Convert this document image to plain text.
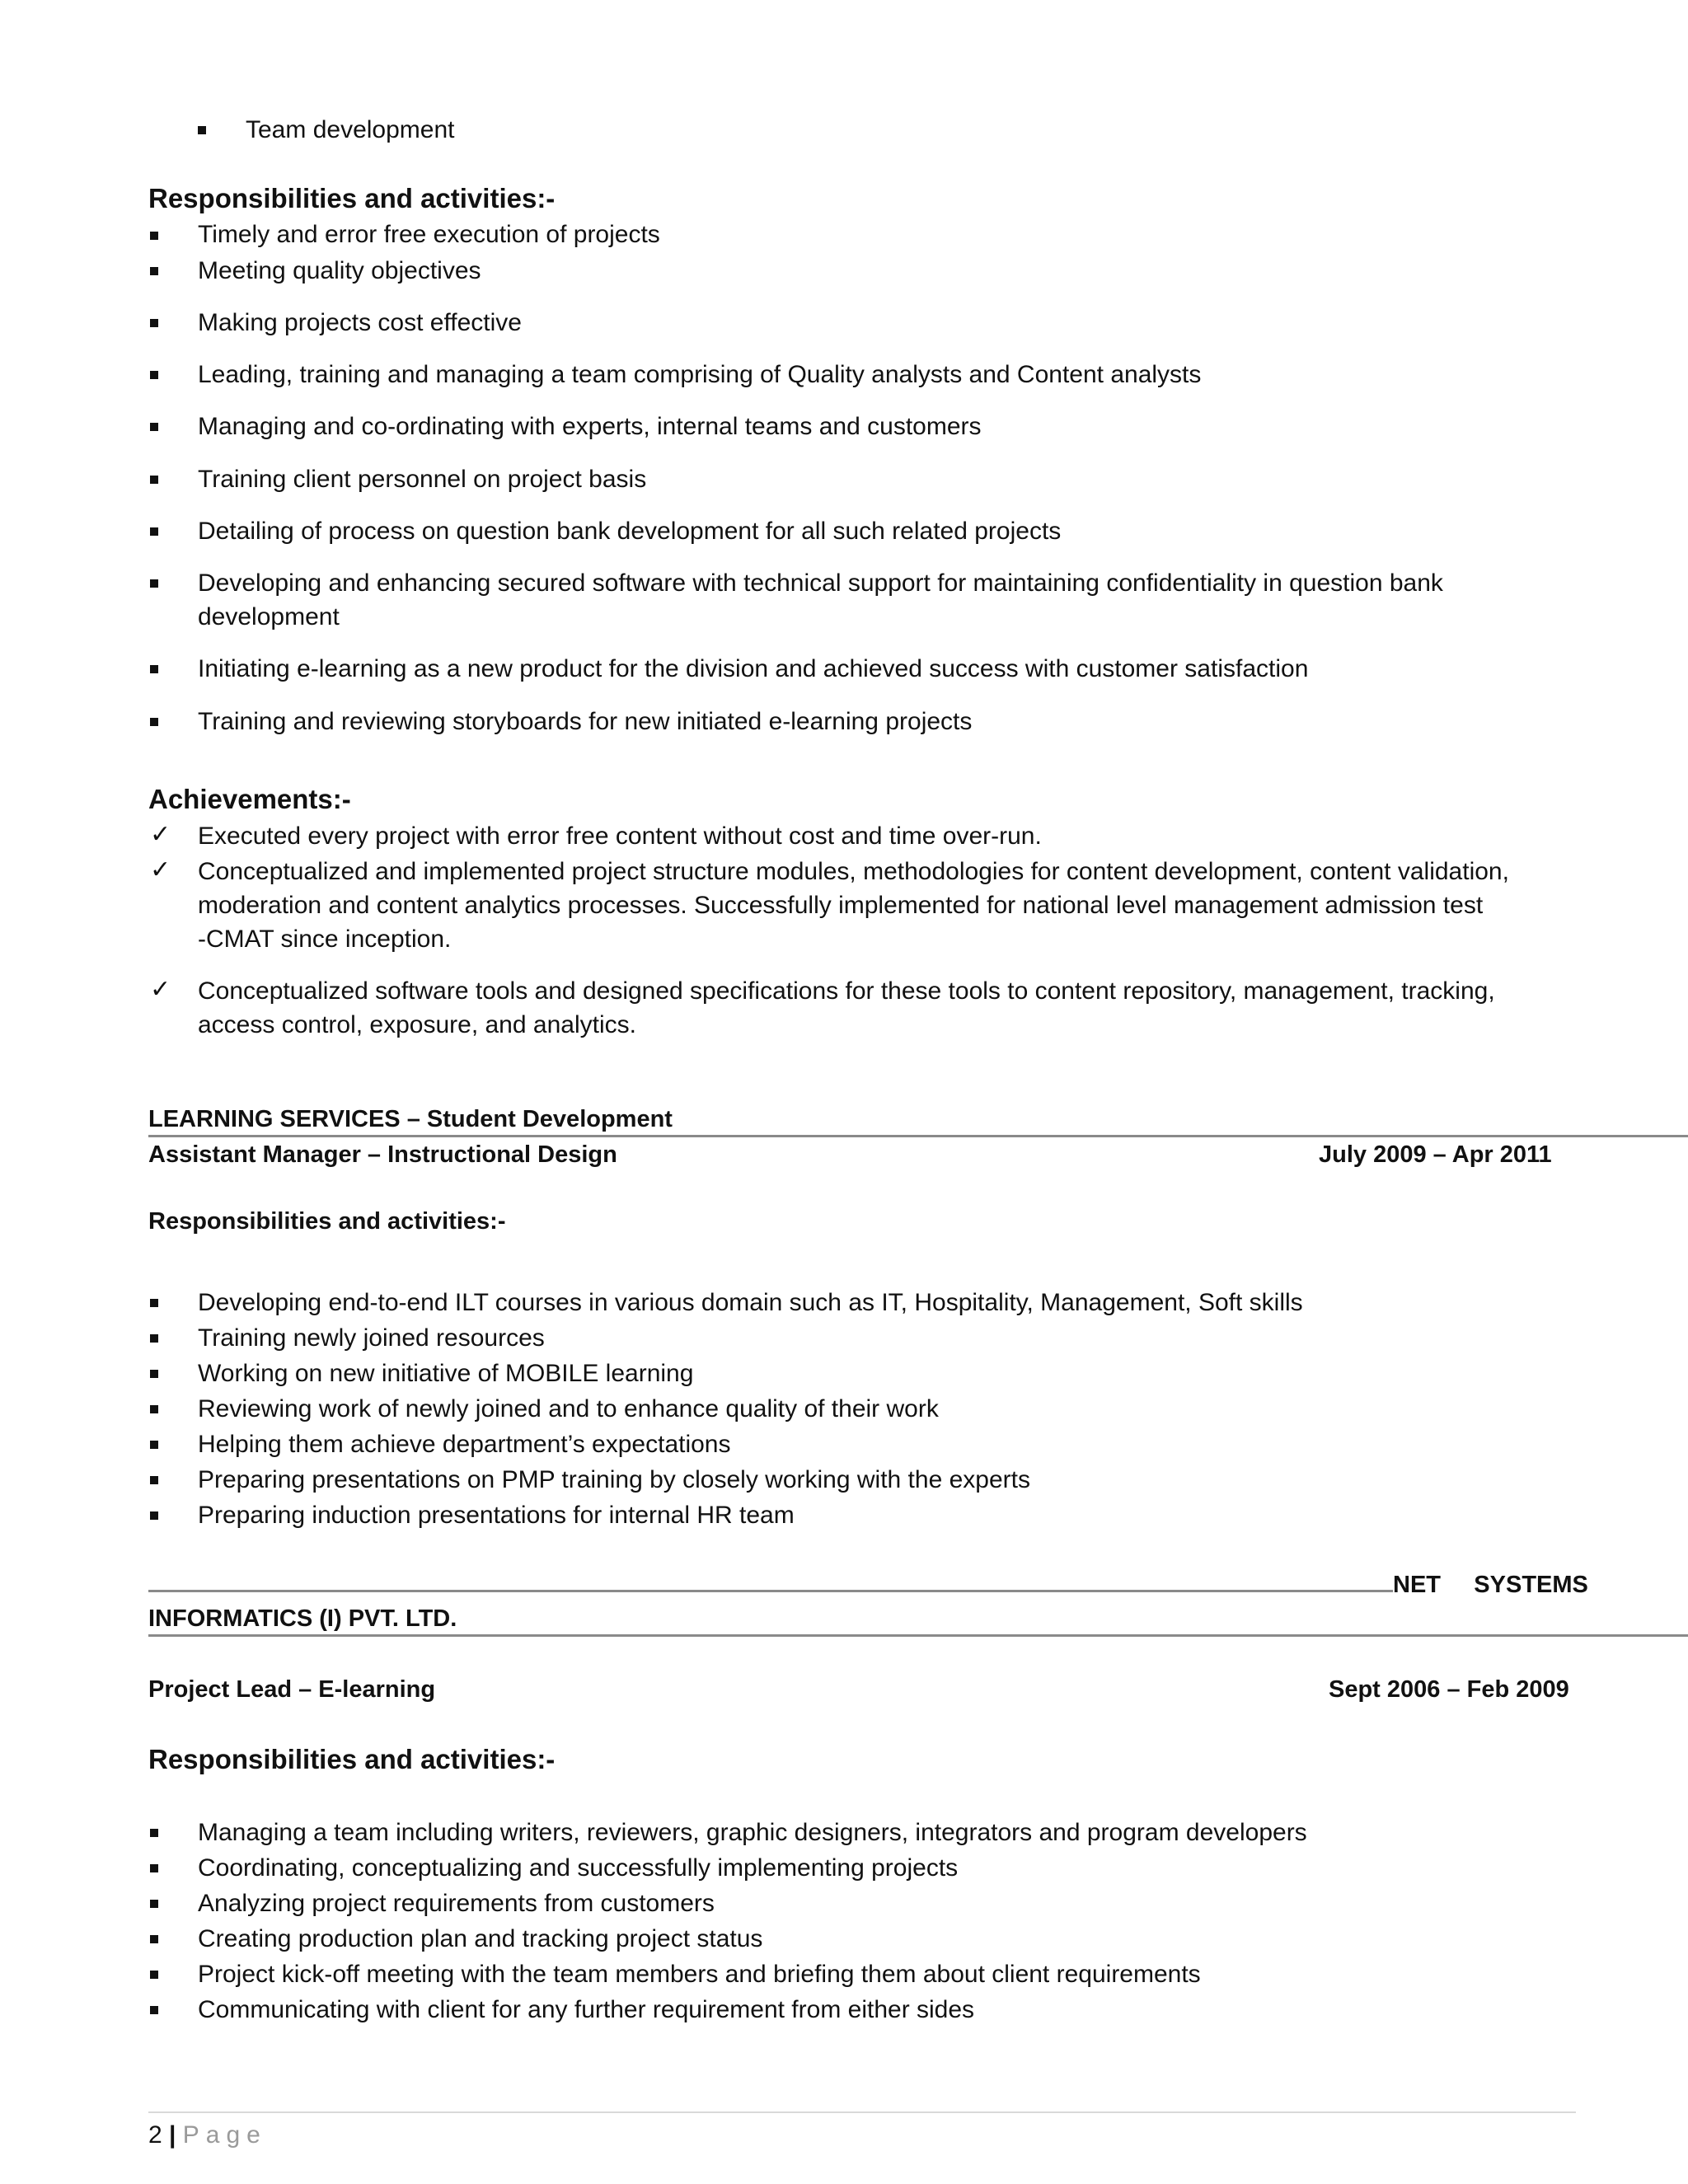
Team development
Responsibilities and activities:-
Timely and error free execution of projects
Meeting quality objectives
Making projects cost effective
Leading, training and managing a team comprising of Quality analysts and Content analysts
Managing and co-ordinating with experts, internal teams and customers
Training client personnel on project basis
Detailing of process on question bank development for all such related projects
Developing and enhancing secured software with technical support for maintaining confidentiality in question bank
development
Initiating e-learning as a new product for the division and achieved success with customer satisfaction
Training and reviewing storyboards for new initiated e-learning projects
Achievements:-
✓ Executed every project with error free content without cost and time over-run.
✓ Conceptualized and implemented project structure modules, methodologies for content development, content validation,
moderation and content analytics processes. Successfully implemented for national level management admission test
-CMAT since inception.
✓ Conceptualized software tools and designed specifications for these tools to content repository, management, tracking,
access control, exposure, and analytics.
LEARNING SERVICES – Student Development
Assistant Manager – Instructional Design	July 2009 – Apr 2011
Responsibilities and activities:-
Developing end-to-end ILT courses in various domain such as IT, Hospitality, Management, Soft skills
Training newly joined resources
Working on new initiative of MOBILE learning
Reviewing work of newly joined and to enhance quality of their work
Helping them achieve department’s expectations
Preparing presentations on PMP training by closely working with the experts
Preparing induction presentations for internal HR team
NET     SYSTEMS
INFORMATICS (I) PVT. LTD.
Project Lead – E-learning	Sept 2006 – Feb 2009
Responsibilities and activities:-
Managing a team including writers, reviewers, graphic designers, integrators and program developers
Coordinating, conceptualizing and successfully implementing projects
Analyzing project requirements from customers
Creating production plan and tracking project status
Project kick-off meeting with the team members and briefing them about client requirements
Communicating with client for any further requirement from either sides
2 | Page
